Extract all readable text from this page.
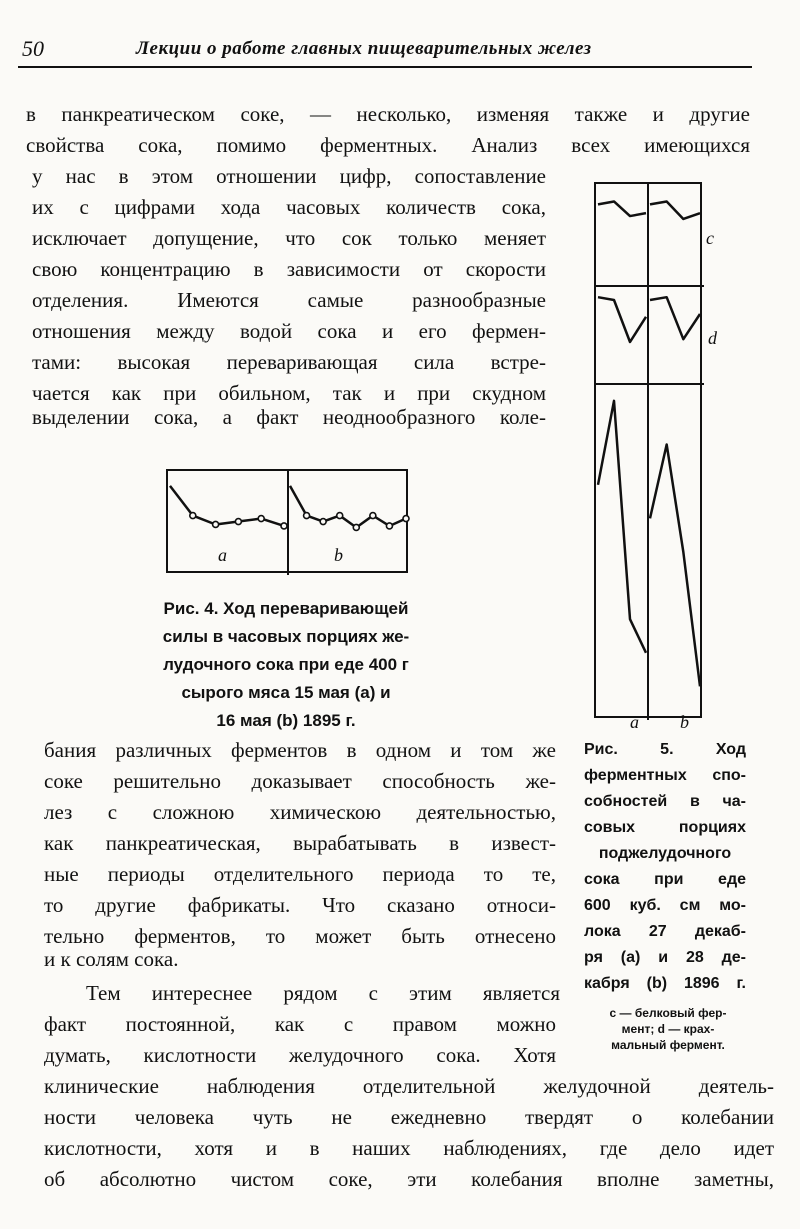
50	Лекции о работе главных пищеварительных желез
в панкреатическом соке, — несколько, изменяя также и другие
свойства сока, помимо ферментных. Анализ всех имеющихся
у нас в этом отношении цифр, сопоставление
их с цифрами хода часовых количеств сока,
исключает допущение, что сок только меняет
свою концентрацию в зависимости от скорости
отделения. Имеются самые разнообразные
отношения между водой сока и его фермен-
тами: высокая переваривающая сила встре-
чается как при обильном, так и при скудном
выделении сока, а факт неоднообразного коле-
a	b
Рис. 4. Ход переваривающей
силы в часовых порциях же-
лудочного сока при еде 400 г
сырого мяса 15 мая (a) и
16 мая (b) 1895 г.
c
d
a b
Рис. 5. Ход
ферментных спо-
собностей в ча-
совых порциях
поджелудочного
сока при еде
600 куб. см мо-
лока 27 декаб-
ря (a) и 28 де-
кабря (b) 1896 г.
с — белковый фер-
мент; d — крах-
мальный фермент.
бания различных ферментов в одном и том же
соке решительно доказывает способность же-
лез с сложною химическою деятельностью,
как панкреатическая, вырабатывать в извест-
ные периоды отделительного периода то те,
то другие фабрикаты. Что сказано относи-
тельно ферментов, то может быть отнесено
и к солям сока.
Тем интереснее рядом с этим является
факт постоянной, как с правом можно
думать, кислотности желудочного сока. Хотя
клинические наблюдения отделительной желудочной деятель-
ности человека чуть не ежедневно твердят о колебании
кислотности, хотя и в наших наблюдениях, где дело идет
об абсолютно чистом соке, эти колебания вполне заметны,
